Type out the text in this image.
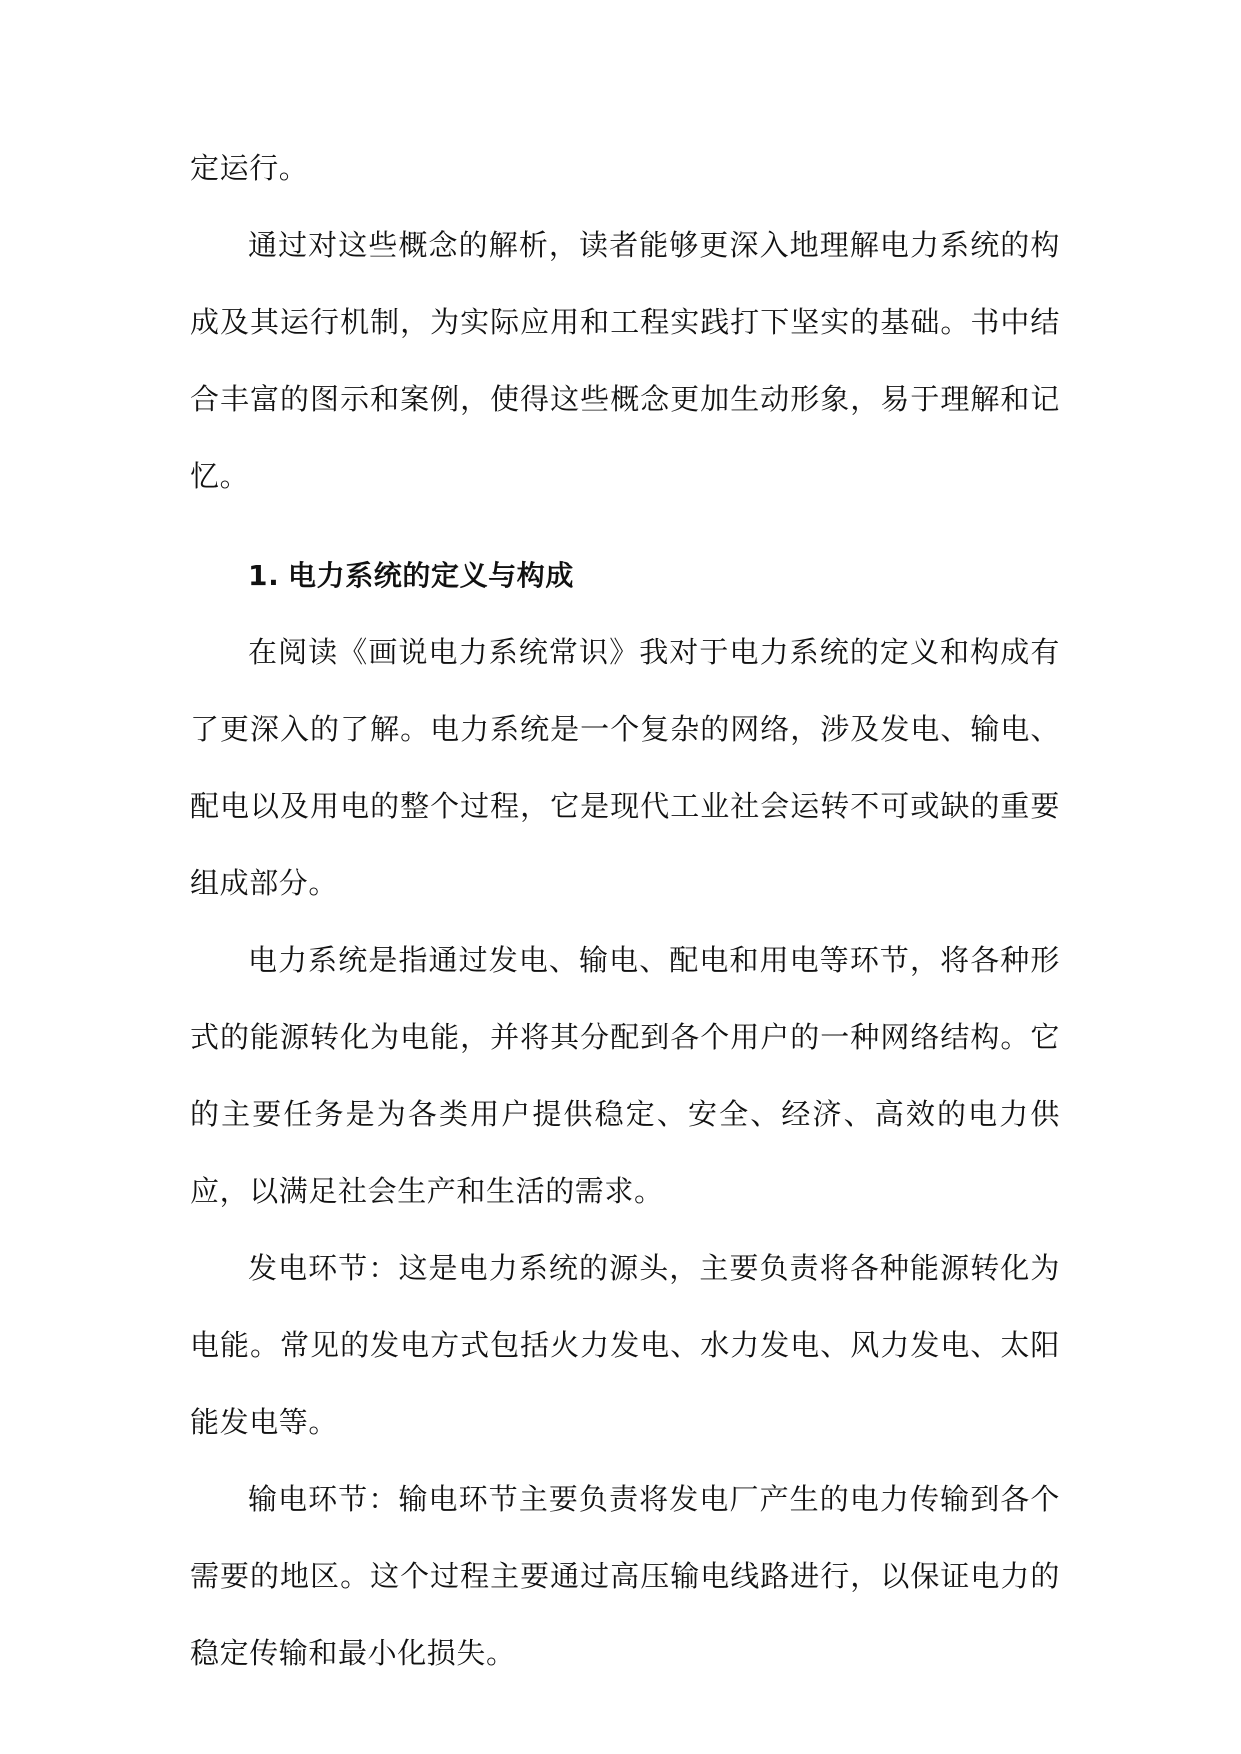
定运行。

通过对这些概念的解析，读者能够更深入地理解电力系统的构成及其运行机制，为实际应用和工程实践打下坚实的基础。书中结合丰富的图示和案例，使得这些概念更加生动形象，易于理解和记忆。

1. 电力系统的定义与构成

在阅读《画说电力系统常识》我对于电力系统的定义和构成有了更深入的了解。电力系统是一个复杂的网络，涉及发电、输电、配电以及用电的整个过程，它是现代工业社会运转不可或缺的重要组成部分。

电力系统是指通过发电、输电、配电和用电等环节，将各种形式的能源转化为电能，并将其分配到各个用户的一种网络结构。它的主要任务是为各类用户提供稳定、安全、经济、高效的电力供应，以满足社会生产和生活的需求。

发电环节：这是电力系统的源头，主要负责将各种能源转化为电能。常见的发电方式包括火力发电、水力发电、风力发电、太阳能发电等。

输电环节：输电环节主要负责将发电厂产生的电力传输到各个需要的地区。这个过程主要通过高压输电线路进行，以保证电力的稳定传输和最小化损失。
